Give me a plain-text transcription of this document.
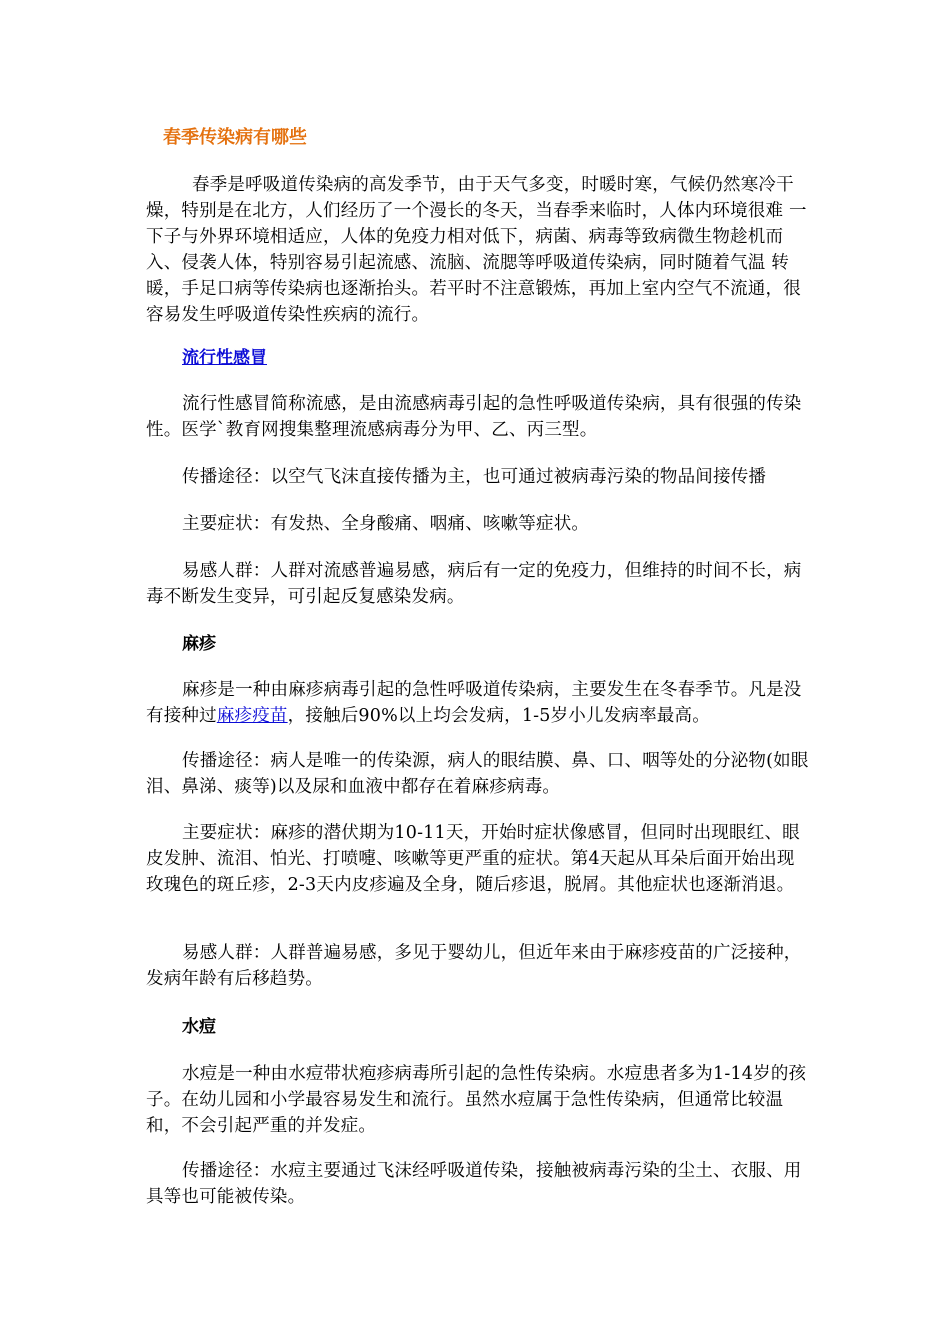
春季传染病有哪些

春季是呼吸道传染病的高发季节，由于天气多变，时暖时寒，气候仍然寒冷干燥，特别是在北方，人们经历了一个漫长的冬天，当春季来临时，人体内环境很难 一下子与外界环境相适应，人体的免疫力相对低下，病菌、病毒等致病微生物趁机而入、侵袭人体，特别容易引起流感、流脑、流腮等呼吸道传染病，同时随着气温 转暖，手足口病等传染病也逐渐抬头。若平时不注意锻炼，再加上室内空气不流通，很容易发生呼吸道传染性疾病的流行。

流行性感冒

流行性感冒简称流感，是由流感病毒引起的急性呼吸道传染病，具有很强的传染性。医学`教育网搜集整理流感病毒分为甲、乙、丙三型。

传播途径：以空气飞沫直接传播为主，也可通过被病毒污染的物品间接传播

主要症状：有发热、全身酸痛、咽痛、咳嗽等症状。

易感人群：人群对流感普遍易感，病后有一定的免疫力，但维持的时间不长，病毒不断发生变异，可引起反复感染发病。

麻疹

麻疹是一种由麻疹病毒引起的急性呼吸道传染病，主要发生在冬春季节。凡是没有接种过麻疹疫苗，接触后90%以上均会发病，1-5岁小儿发病率最高。

传播途径：病人是唯一的传染源，病人的眼结膜、鼻、口、咽等处的分泌物(如眼泪、鼻涕、痰等)以及尿和血液中都存在着麻疹病毒。

主要症状：麻疹的潜伏期为10-11天，开始时症状像感冒，但同时出现眼红、眼皮发肿、流泪、怕光、打喷嚏、咳嗽等更严重的症状。第4天起从耳朵后面开始出现玫瑰色的斑丘疹，2-3天内皮疹遍及全身，随后疹退，脱屑。其他症状也逐渐消退。

易感人群：人群普遍易感，多见于婴幼儿，但近年来由于麻疹疫苗的广泛接种，发病年龄有后移趋势。

水痘

水痘是一种由水痘带状疱疹病毒所引起的急性传染病。水痘患者多为1-14岁的孩子。在幼儿园和小学最容易发生和流行。虽然水痘属于急性传染病，但通常比较温和，不会引起严重的并发症。

传播途径：水痘主要通过飞沫经呼吸道传染，接触被病毒污染的尘土、衣服、用具等也可能被传染。
